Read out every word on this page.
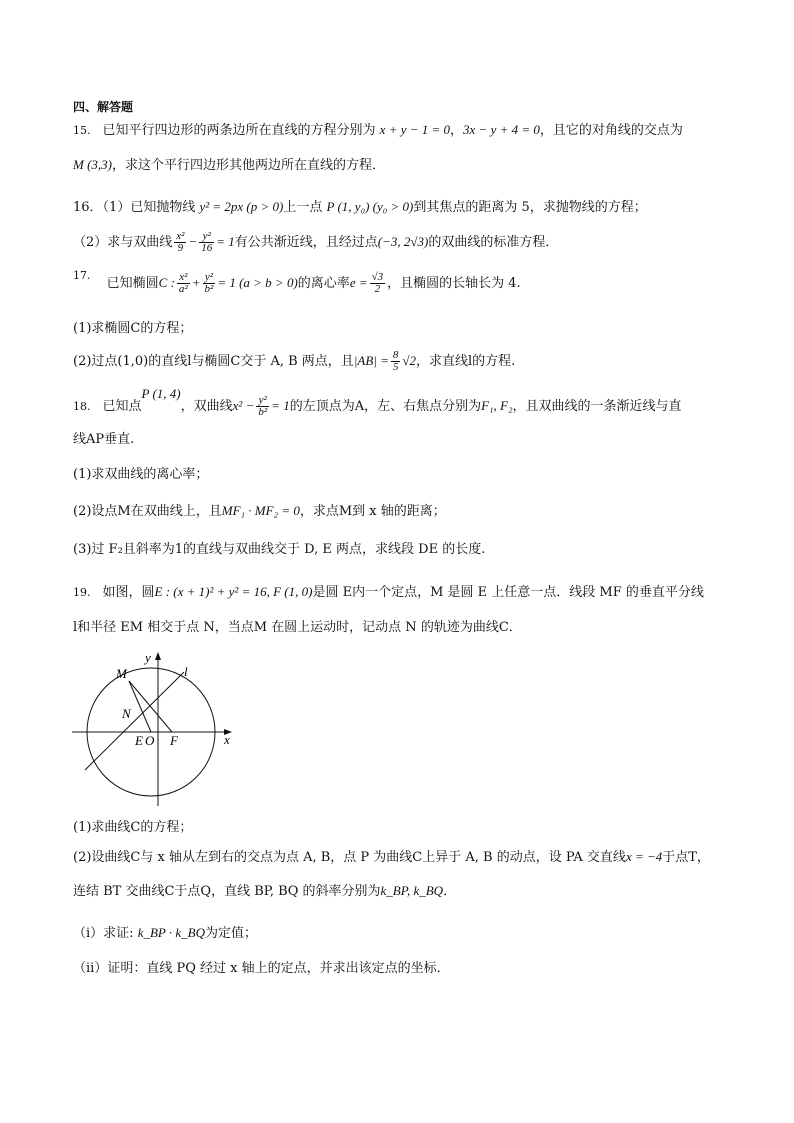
四、解答题
15. 已知平行四边形的两条边所在直线的方程分别为 x + y − 1 = 0，3x − y + 4 = 0，且它的对角线的交点为
M (3,3)，求这个平行四边形其他两边所在直线的方程．
16．（1）已知抛物线 y² = 2px (p > 0)上一点 P (1, y₀) (y₀ > 0)到其焦点的距离为 5，求抛物线的方程；
（2）求与双曲线 $\frac{\text{x²}}{9} - \frac{\text{y²}}{16} = 1$有公共渐近线，且经过点(−3, 2√3)的双曲线的标准方程．
$^{17.}$ 已知椭圆C : $\frac{\text{x²}}{\text{a²}} + \frac{\text{y²}}{\text{b²}} = 1$ (a > b > 0)的离心率$e = \frac{√3}{2}$ ，且椭圆的长轴长为 4.
(1)求椭圆C的方程；
(2)过点(1,0)的直线l与椭圆C交于 A, B 两点，且$|AB| = \frac{8}{5} √2$，求直线l的方程.
18. 已知点P (1, 4)，双曲线$x^2 - \frac{\text{y²}}{\text{b²}} = 1$的左顶点为A，左、右焦点分别为F₁, F₂，且双曲线的一条渐近线与直
线AP垂直.
(1)求双曲线的离心率；
(2)设点M在双曲线上，且MF₁ · MF₂ = 0，求点M到 x 轴的距离；
(3)过 F₂且斜率为1的直线与双曲线交于 D, E 两点，求线段 DE 的长度.
19. 如图，圆E : (x + 1)² + y² = 16, F (1, 0)是圆 E内一个定点，M 是圆 E 上任意一点．线段 MF 的垂直平分线
l和半径 EM 相交于点 N，当点M 在圆上运动时，记动点 N 的轨迹为曲线C．
y
x
M
N
l
E O F
(1)求曲线C的方程；
(2)设曲线C与 x 轴从左到右的交点为点 A, B，点 P 为曲线C上异于 A, B 的动点，设 PA 交直线x = −4于点T，
连结 BT 交曲线C于点Q，直线 BP, BQ 的斜率分别为k_BP, k_BQ．
（i）求证: k_BP · k_BQ为定值；
（ii）证明：直线 PQ 经过 x 轴上的定点，并求出该定点的坐标．
